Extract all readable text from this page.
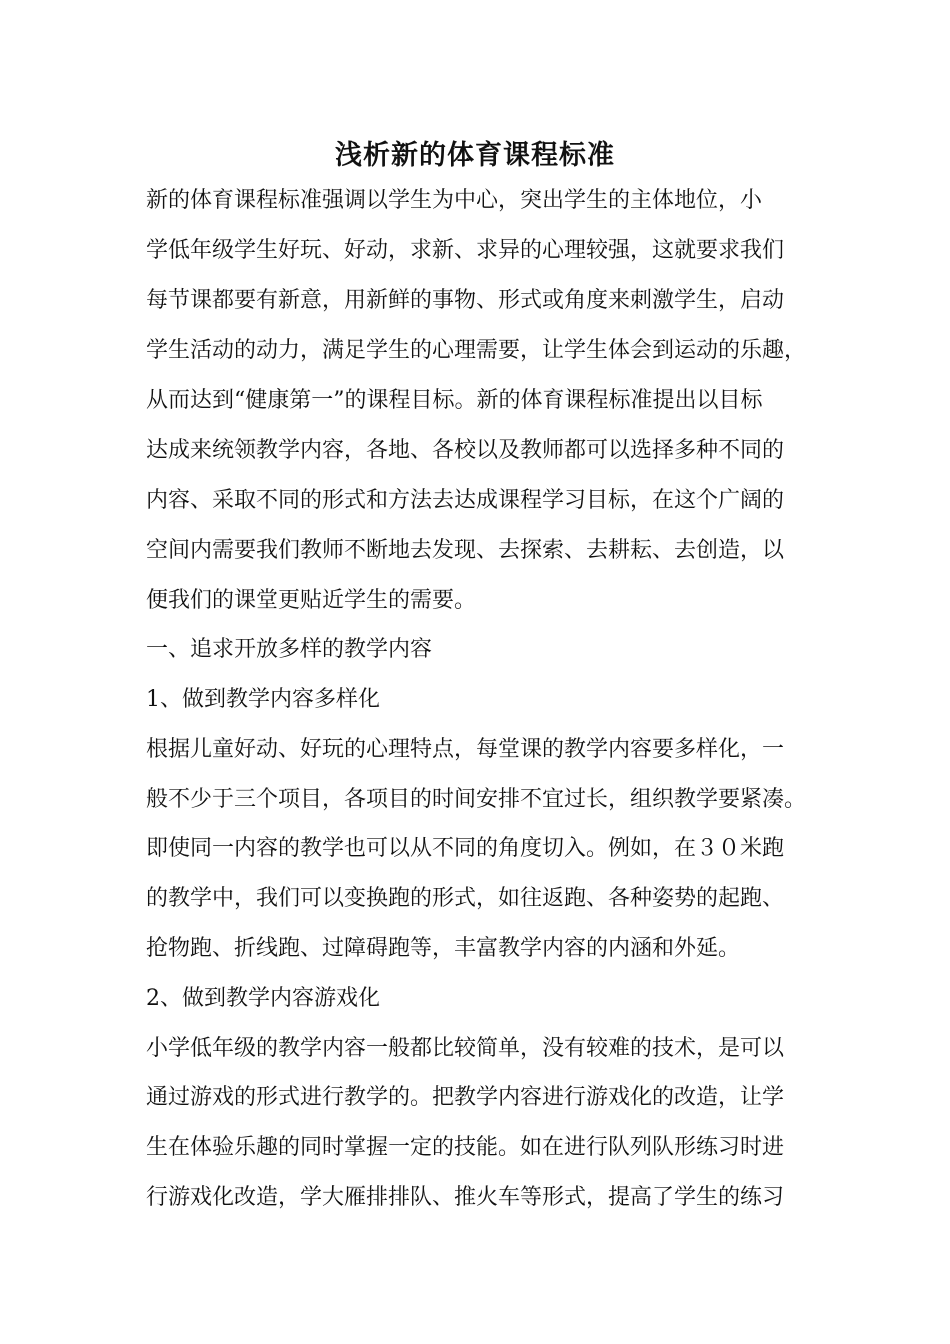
浅析新的体育课程标准
新的体育课程标准强调以学生为中心，突出学生的主体地位，小
学低年级学生好玩、好动，求新、求异的心理较强，这就要求我们
每节课都要有新意，用新鲜的事物、形式或角度来刺激学生，启动
学生活动的动力，满足学生的心理需要，让学生体会到运动的乐趣，
从而达到“健康第一”的课程目标。新的体育课程标准提出以目标
达成来统领教学内容，各地、各校以及教师都可以选择多种不同的
内容、采取不同的形式和方法去达成课程学习目标，在这个广阔的
空间内需要我们教师不断地去发现、去探索、去耕耘、去创造，以
便我们的课堂更贴近学生的需要。
一、追求开放多样的教学内容
1、做到教学内容多样化
根据儿童好动、好玩的心理特点，每堂课的教学内容要多样化，一
般不少于三个项目，各项目的时间安排不宜过长，组织教学要紧凑。
即使同一内容的教学也可以从不同的角度切入。例如，在３０米跑
的教学中，我们可以变换跑的形式，如往返跑、各种姿势的起跑、
抢物跑、折线跑、过障碍跑等，丰富教学内容的内涵和外延。
2、做到教学内容游戏化
小学低年级的教学内容一般都比较简单，没有较难的技术，是可以
通过游戏的形式进行教学的。把教学内容进行游戏化的改造，让学
生在体验乐趣的同时掌握一定的技能。如在进行队列队形练习时进
行游戏化改造，学大雁排排队、推火车等形式，提高了学生的练习
